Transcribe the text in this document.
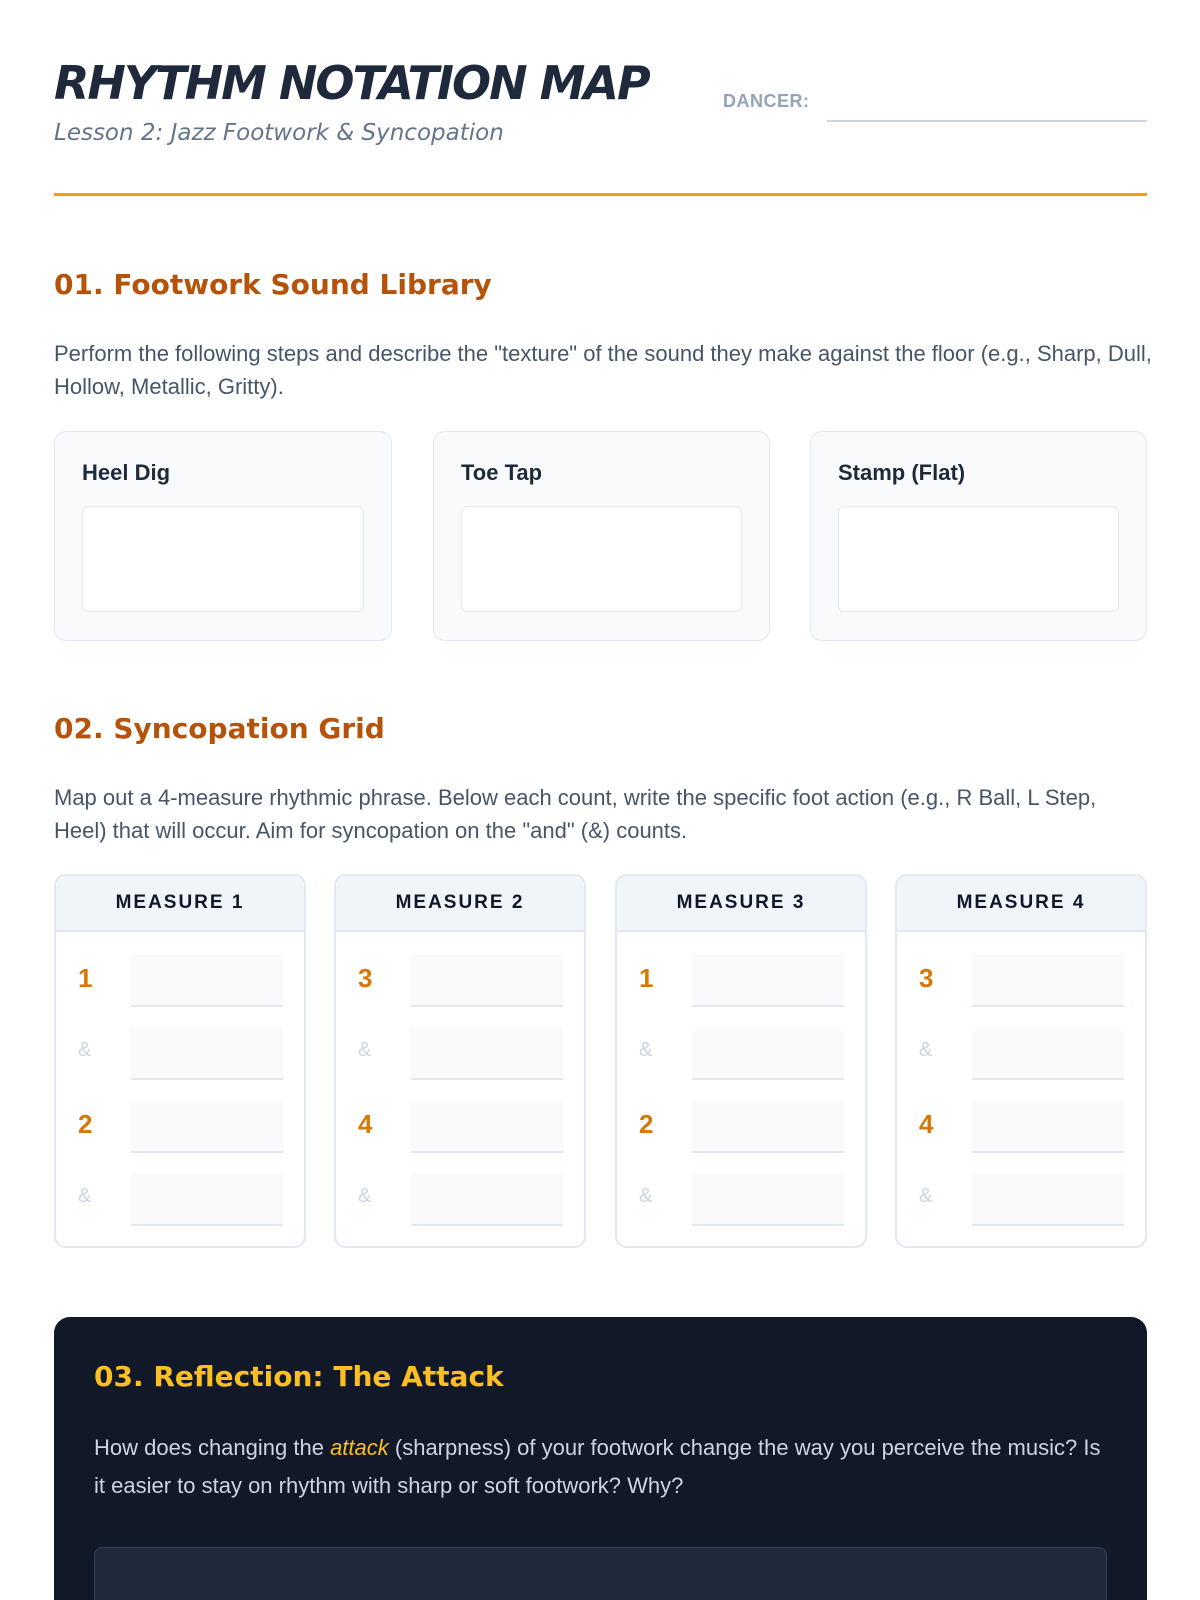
RHYTHM NOTATION MAP
Lesson 2: Jazz Footwork & Syncopation
DANCER:
01. Footwork Sound Library
Perform the following steps and describe the "texture" of the sound they make against the floor (e.g., Sharp, Dull, Hollow, Metallic, Gritty).
Heel Dig	Toe Tap	Stamp (Flat)
02. Syncopation Grid
Map out a 4-measure rhythmic phrase. Below each count, write the specific foot action (e.g., R Ball, L Step, Heel) that will occur. Aim for syncopation on the "and" (&) counts.
MEASURE 1
1
&
2
&
MEASURE 2
3
&
4
&
MEASURE 3
1
&
2
&
MEASURE 4
3
&
4
&
03. Reflection: The Attack
How does changing the attack (sharpness) of your footwork change the way you perceive the music? Is it easier to stay on rhythm with sharp or soft footwork? Why?
